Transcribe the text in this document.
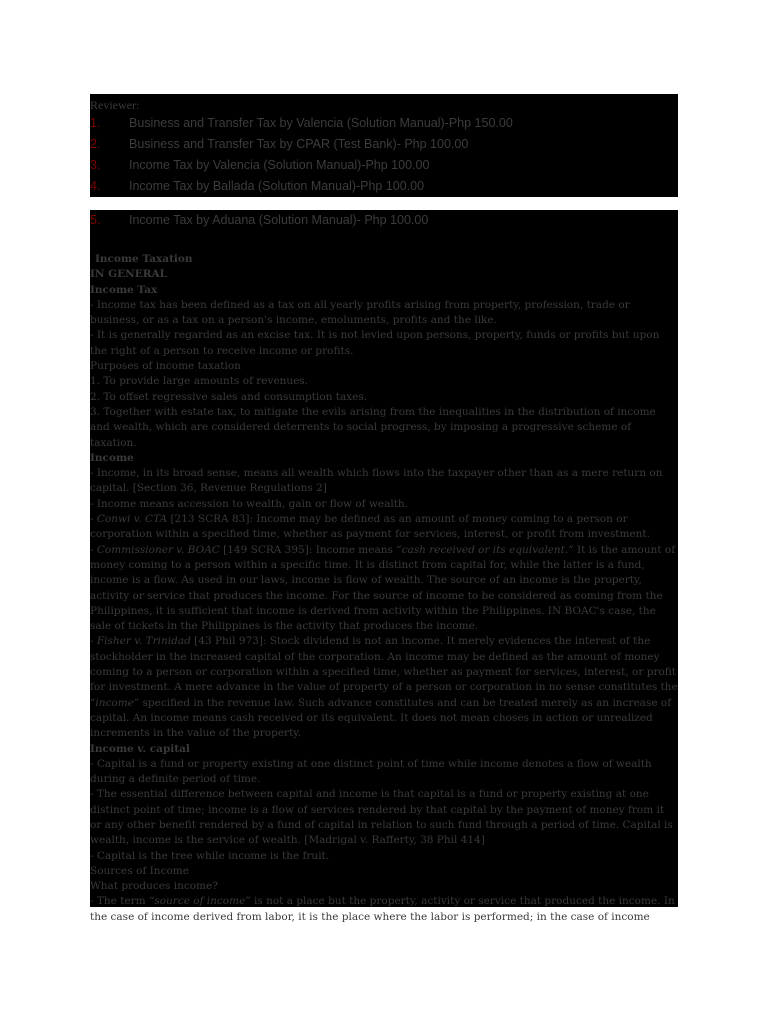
Reviewer:
1. Business and Transfer Tax by Valencia (Solution Manual)-Php 150.00
2. Business and Transfer Tax by CPAR (Test Bank)- Php 100.00
3. Income Tax by Valencia (Solution Manual)-Php 100.00
4. Income Tax by Ballada (Solution Manual)-Php 100.00
5. Income Tax by Aduana (Solution Manual)- Php 100.00

Income Taxation

IN GENERAL

Income Tax

- Income tax has been defined as a tax on all yearly profits arising from property, profession, trade or business, or as a tax on a person's income, emoluments, profits and the like.

- It is generally regarded as an excise tax. It is not levied upon persons, property, funds or profits but upon the right of a person to receive income or profits.

Purposes of income taxation

1. To provide large amounts of revenues.

2. To offset regressive sales and consumption taxes.

3. Together with estate tax, to mitigate the evils arising from the inequalities in the distribution of income and wealth, which are considered deterrents to social progress, by imposing a progressive scheme of taxation.

Income

- Income, in its broad sense, means all wealth which flows into the taxpayer other than as a mere return on capital. [Section 36, Revenue Regulations 2]

- Income means accession to wealth, gain or flow of wealth.

- Conwi v. CTA [213 SCRA 83]: Income may be defined as an amount of money coming to a person or corporation within a specified time, whether as payment for services, interest, or profit from investment.

- Commissioner v. BOAC [149 SCRA 395]: Income means “cash received or its equivalent.” It is the amount of money coming to a person within a specific time. It is distinct from capital for, while the latter is a fund, income is a flow. As used in our laws, income is flow of wealth. The source of an income is the property, activity or service that produces the income. For the source of income to be considered as coming from the Philippines, it is sufficient that income is derived from activity within the Philippines. IN BOAC's case, the sale of tickets in the Philippines is the activity that produces the income.

- Fisher v. Trinidad [43 Phil 973]: Stock dividend is not an income. It merely evidences the interest of the stockholder in the increased capital of the corporation. An income may be defined as the amount of money coming to a person or corporation within a specified time, whether as payment for services, interest, or profit for investment. A mere advance in the value of property of a person or corporation in no sense constitutes the “income” specified in the revenue law. Such advance constitutes and can be treated merely as an increase of capital. An income means cash received or its equivalent. It does not mean choses in action or unrealized increments in the value of the property.

Income v. capital

- Capital is a fund or property existing at one distinct point of time while income denotes a flow of wealth during a definite period of time.

- The essential difference between capital and income is that capital is a fund or property existing at one distinct point of time; income is a flow of services rendered by that capital by the payment of money from it or any other benefit rendered by a fund of capital in relation to such fund through a period of time. Capital is wealth, income is the service of wealth. [Madrigal v. Rafferty, 38 Phil 414]

- Capital is the tree while income is the fruit.

Sources of Income

What produces income?

- The term “source of income” is not a place but the property, activity or service that produced the income. In the case of income derived from labor, it is the place where the labor is performed; in the case of income
